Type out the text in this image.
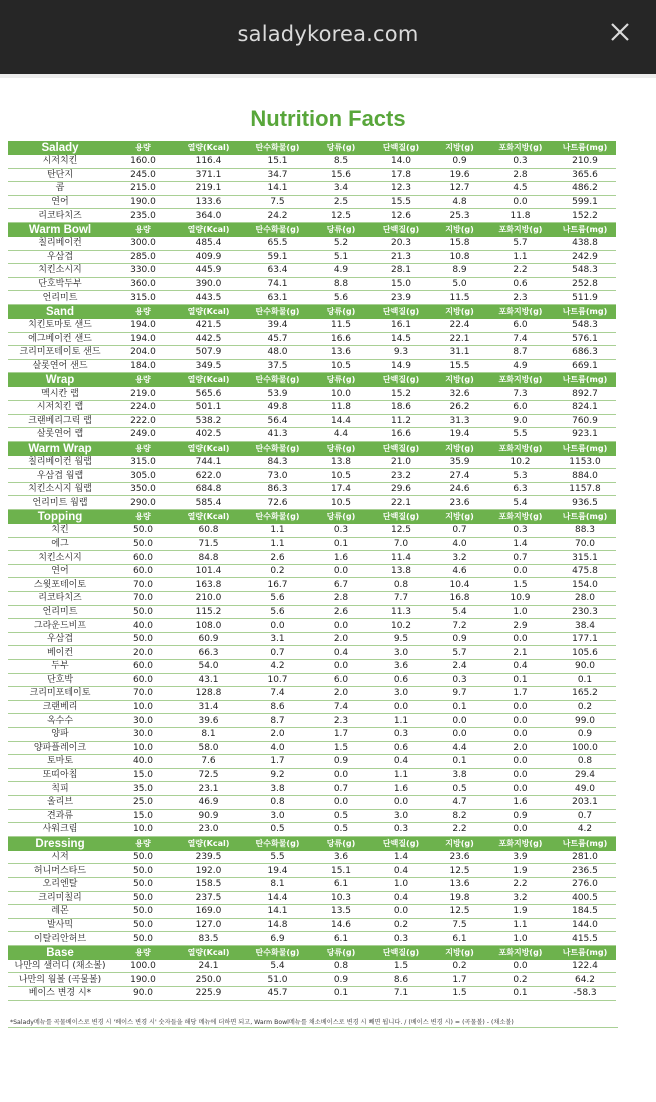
saladykorea.com
Nutrition Facts
Salady	용량	열량(Kcal)	탄수화물(g)	당류(g)	단백질(g)	지방(g)	포화지방(g)	나트륨(mg)
시저치킨	160.0	116.4	15.1	8.5	14.0	0.9	0.3	210.9
탄단지	245.0	371.1	34.7	15.6	17.8	19.6	2.8	365.6
콥	215.0	219.1	14.1	3.4	12.3	12.7	4.5	486.2
연어	190.0	133.6	7.5	2.5	15.5	4.8	0.0	599.1
리코타치즈	235.0	364.0	24.2	12.5	12.6	25.3	11.8	152.2
Warm Bowl	용량	열량(Kcal)	탄수화물(g)	당류(g)	단백질(g)	지방(g)	포화지방(g)	나트륨(mg)
칠리베이컨	300.0	485.4	65.5	5.2	20.3	15.8	5.7	438.8
우삼겹	285.0	409.9	59.1	5.1	21.3	10.8	1.1	242.9
치킨소시지	330.0	445.9	63.4	4.9	28.1	8.9	2.2	548.3
단호박두부	360.0	390.0	74.1	8.8	15.0	5.0	0.6	252.8
언리미트	315.0	443.5	63.1	5.6	23.9	11.5	2.3	511.9
Sand	용량	열량(Kcal)	탄수화물(g)	당류(g)	단백질(g)	지방(g)	포화지방(g)	나트륨(mg)
치킨토마토 샌드	194.0	421.5	39.4	11.5	16.1	22.4	6.0	548.3
에그베이컨 샌드	194.0	442.5	45.7	16.6	14.5	22.1	7.4	576.1
크리미포테이토 샌드	204.0	507.9	48.0	13.6	9.3	31.1	8.7	686.3
살롯연어 샌드	184.0	349.5	37.5	10.5	14.9	15.5	4.9	669.1
Wrap	용량	열량(Kcal)	탄수화물(g)	당류(g)	단백질(g)	지방(g)	포화지방(g)	나트륨(mg)
멕시칸 랩	219.0	565.6	53.9	10.0	15.2	32.6	7.3	892.7
시저치킨 랩	224.0	501.1	49.8	11.8	18.6	26.2	6.0	824.1
크랜베리그릭 랩	222.0	538.2	56.4	14.4	11.2	31.3	9.0	760.9
살롯연어 랩	249.0	402.5	41.3	4.4	16.6	19.4	5.5	923.1
Warm Wrap	용량	열량(Kcal)	탄수화물(g)	당류(g)	단백질(g)	지방(g)	포화지방(g)	나트륨(mg)
칠리베이컨 웜랩	315.0	744.1	84.3	13.8	21.0	35.9	10.2	1153.0
우삼겹 웜랩	305.0	622.0	73.0	10.5	23.2	27.4	5.3	884.0
치킨소시지 웜랩	350.0	684.8	86.3	17.4	29.6	24.6	6.3	1157.8
언리미트 웜랩	290.0	585.4	72.6	10.5	22.1	23.6	5.4	936.5
Topping	용량	열량(Kcal)	탄수화물(g)	당류(g)	단백질(g)	지방(g)	포화지방(g)	나트륨(mg)
치킨	50.0	60.8	1.1	0.3	12.5	0.7	0.3	88.3
에그	50.0	71.5	1.1	0.1	7.0	4.0	1.4	70.0
치킨소시지	60.0	84.8	2.6	1.6	11.4	3.2	0.7	315.1
연어	60.0	101.4	0.2	0.0	13.8	4.6	0.0	475.8
스윗포테이토	70.0	163.8	16.7	6.7	0.8	10.4	1.5	154.0
리코타치즈	70.0	210.0	5.6	2.8	7.7	16.8	10.9	28.0
언리미트	50.0	115.2	5.6	2.6	11.3	5.4	1.0	230.3
그라운드비프	40.0	108.0	0.0	0.0	10.2	7.2	2.9	38.4
우삼겹	50.0	60.9	3.1	2.0	9.5	0.9	0.0	177.1
베이컨	20.0	66.3	0.7	0.4	3.0	5.7	2.1	105.6
두부	60.0	54.0	4.2	0.0	3.6	2.4	0.4	90.0
단호박	60.0	43.1	10.7	6.0	0.6	0.3	0.1	0.1
크리미포테이토	70.0	128.8	7.4	2.0	3.0	9.7	1.7	165.2
크랜베리	10.0	31.4	8.6	7.4	0.0	0.1	0.0	0.2
옥수수	30.0	39.6	8.7	2.3	1.1	0.0	0.0	99.0
양파	30.0	8.1	2.0	1.7	0.3	0.0	0.0	0.9
양파플레이크	10.0	58.0	4.0	1.5	0.6	4.4	2.0	100.0
토마토	40.0	7.6	1.7	0.9	0.4	0.1	0.0	0.8
또띠아칩	15.0	72.5	9.2	0.0	1.1	3.8	0.0	29.4
칙피	35.0	23.1	3.8	0.7	1.6	0.5	0.0	49.0
올리브	25.0	46.9	0.8	0.0	0.0	4.7	1.6	203.1
견과류	15.0	90.9	3.0	0.5	3.0	8.2	0.9	0.7
사워크림	10.0	23.0	0.5	0.5	0.3	2.2	0.0	4.2
Dressing	용량	열량(Kcal)	탄수화물(g)	당류(g)	단백질(g)	지방(g)	포화지방(g)	나트륨(mg)
시저	50.0	239.5	5.5	3.6	1.4	23.6	3.9	281.0
허니머스타드	50.0	192.0	19.4	15.1	0.4	12.5	1.9	236.5
오리엔탈	50.0	158.5	8.1	6.1	1.0	13.6	2.2	276.0
크리미칠리	50.0	237.5	14.4	10.3	0.4	19.8	3.2	400.5
레몬	50.0	169.0	14.1	13.5	0.0	12.5	1.9	184.5
발사믹	50.0	127.0	14.8	14.6	0.2	7.5	1.1	144.0
이탈리안허브	50.0	83.5	6.9	6.1	0.3	6.1	1.0	415.5
Base	용량	열량(Kcal)	탄수화물(g)	당류(g)	단백질(g)	지방(g)	포화지방(g)	나트륨(mg)
나만의 샐러디 (채소볼)	100.0	24.1	5.4	0.8	1.5	0.2	0.0	122.4
나만의 웜볼 (곡물볼)	190.0	250.0	51.0	0.9	8.6	1.7	0.2	64.2
베이스 변경 시*	90.0	225.9	45.7	0.1	7.1	1.5	0.1	-58.3
*Salady메뉴를 곡물베이스로 변경 시 '베이스 변경 시' 숫자들을 해당 메뉴에 더하면 되고, Warm Bowl메뉴를 채소베이스로 변경 시 빼면 됩니다. / (베이스 변경 시) = (곡물볼) - (채소볼)
